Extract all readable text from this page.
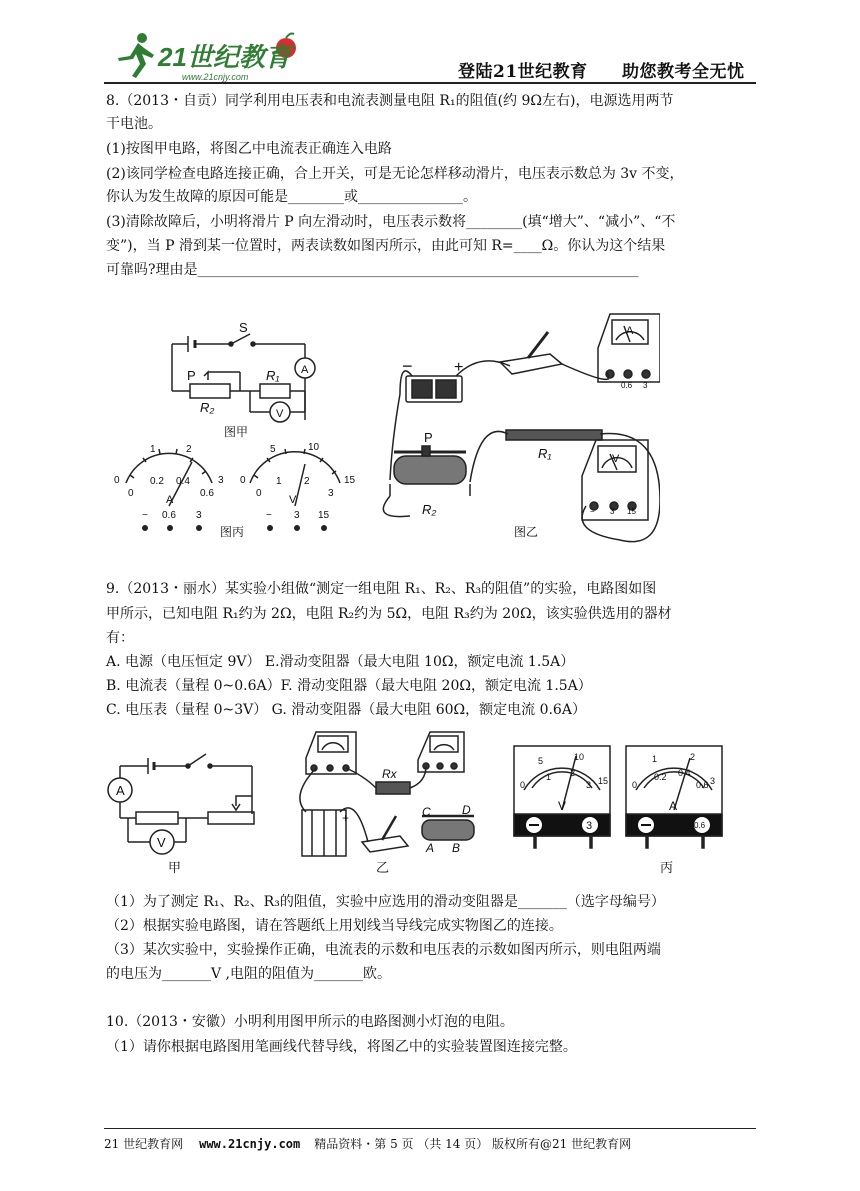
21世纪教育
www.21cnjy.com	登陆21世纪教育 助您教考全无忧
8.（2013・自贡）同学利用电压表和电流表测量电阻 R₁的阻值(约 9Ω左右)，电源选用两节
干电池。
(1)按图甲电路，将图乙中电流表正确连入电路
(2)该同学检查电路连接正确，合上开关，可是无论怎样移动滑片，电压表示数总为 3v 不变，
你认为发生故障的原因可能是________或_______________。
(3)清除故障后，小明将滑片 P 向左滑动时，电压表示数将________(填“增大”、“减小”、“不
变”)，当 P 滑到某一位置时，两表读数如图丙所示，由此可知 R=____Ω。你认为这个结果
可靠吗?理由是_______________________________________________________________
S
A
P	R₁
R₂	V
图甲
0
1	2
3
0
0.2 0.4
0.6
A
− 0.6 3
0
5	10
15
0
1 2
3
V
− 3 15
图丙
−	+
A
−
0.6 3
P
R₁
R₂
V
− 3 15
图乙
9.（2013・丽水）某实验小组做“测定一组电阻 R₁、R₂、R₃的阻值”的实验，电路图如图
甲所示，已知电阻 R₁约为 2Ω，电阻 R₂约为 5Ω，电阻 R₃约为 20Ω，该实验供选用的器材
有：
A. 电源（电压恒定 9V） E.滑动变阻器（最大电阻 10Ω，额定电流 1.5A）
B. 电流表（量程 0~0.6A）F. 滑动变阻器（最大电阻 20Ω，额定电流 1.5A）
C. 电压表（量程 0~3V） G. 滑动变阻器（最大电阻 60Ω，额定电流 0.6A）
A
V
甲
Rx
C	D
A B
+
乙
0
5	10
15
1 2
3
V
3
0
1	2
3
0.2 0.4
0.6
A
0.6
丙
（1）为了测定 R₁、R₂、R₃的阻值，实验中应选用的滑动变阻器是_______（选字母编号）
（2）根据实验电路图，请在答题纸上用划线当导线完成实物图乙的连接。
（3）某次实验中，实验操作正确，电流表的示数和电压表的示数如图丙所示，则电阻两端
的电压为_______V ,电阻的阻值为_______欧。
10.（2013・安徽）小明利用图甲所示的电路图测小灯泡的电阻。
（1）请你根据电路图用笔画线代替导线，将图乙中的实验装置图连接完整。
21 世纪教育网 www.21cnjy.com 精品资料・第 5 页 （共 14 页） 版权所有@21 世纪教育网
